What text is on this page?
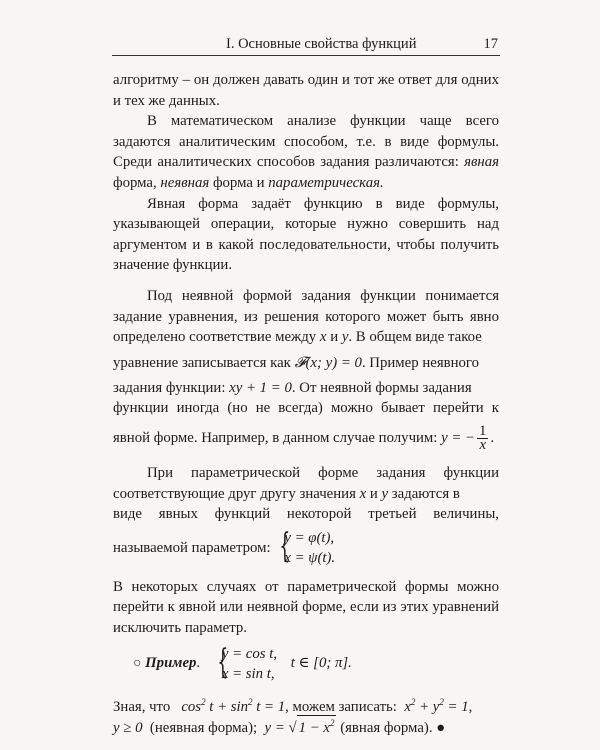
I. Основные свойства функций	17
алгоритму – он должен давать один и тот же ответ для одних
и тех же данных.
В математическом анализе функции чаще всего
задаются аналитическим способом, т.е. в виде формулы.
Среди аналитических способов задания различаются: явная
форма, неявная форма и параметрическая.
Явная форма задаёт функцию в виде формулы,
указывающей операции, которые нужно совершить над
аргументом и в какой последовательности, чтобы получить
значение функции.
Под неявной формой задания функции понимается
задание уравнения, из решения которого может быть явно
определено соответствие между x и y. В общем виде такое
уравнение записывается как 𝓕(x; y) = 0. Пример неявного
задания функции: xy + 1 = 0. От неявной формы задания
функции иногда (но не всегда) можно бывает перейти к
явной форме. Например, в данном случае получим: y = − $\frac{1}{x}$ .
При параметрической форме задания функции
соответствующие друг другу значения x и y задаются в
виде явных функций некоторой третьей величины,
называемой параметром: {
y = φ(t),
x = ψ(t).
В некоторых случаях от параметрической формы можно
перейти к явной или неявной форме, если из этих уравнений
исключить параметр.
○ Пример. {
y = cos t,
x = sin t,
t ∈ [0; π].
Зная, что $\cos^2 t + \sin^2 t = 1$, можем записать: $x^2 + y^2 = 1$,
y ≥ 0 (неявная форма); y = √ $1 - x^2$ (явная форма). ●
